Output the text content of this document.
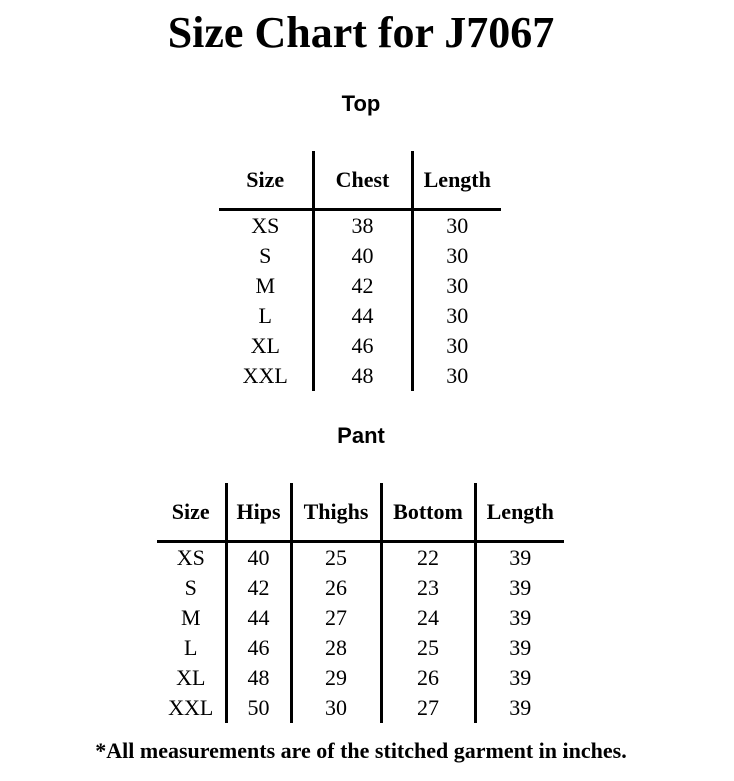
Size Chart for J7067
Top
Size	Chest	Length
XS	38	30
S	40	30
M	42	30
L	44	30
XL	46	30
XXL	48	30
Pant
Size	Hips	Thighs	Bottom	Length
XS	40	25	22	39
S	42	26	23	39
M	44	27	24	39
L	46	28	25	39
XL	48	29	26	39
XXL	50	30	27	39

*All measurements are of the stitched garment in inches.
